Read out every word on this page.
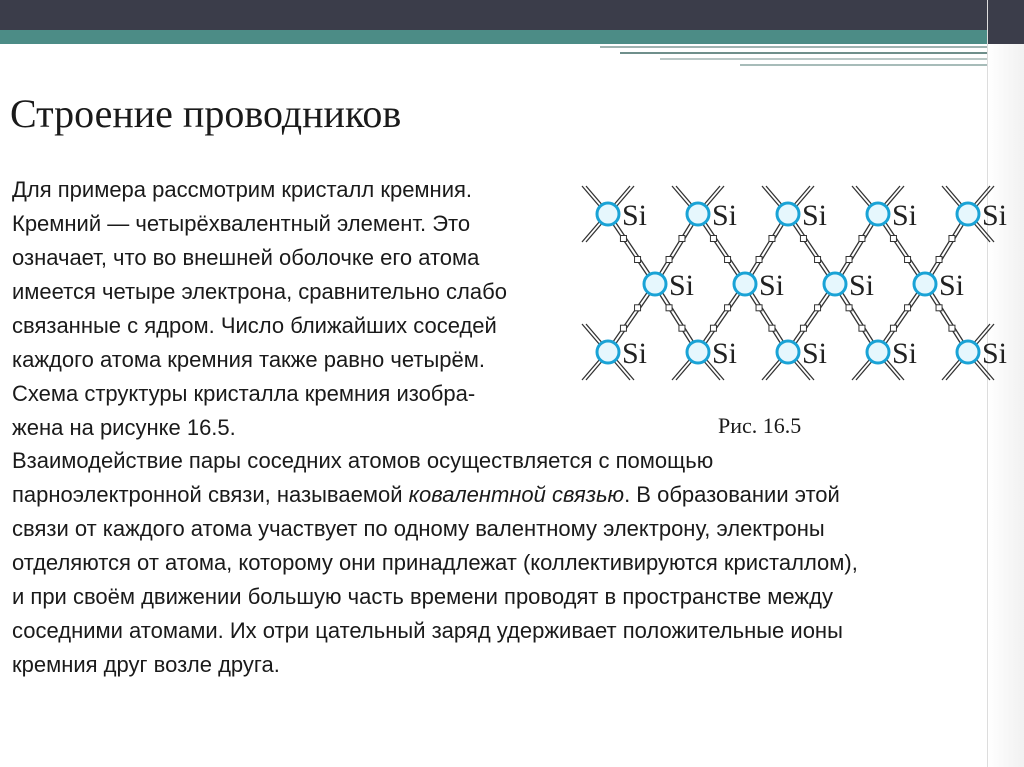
Строение проводников

Для примера рассмотрим кристалл кремния.
Кремний — четырёхвалентный элемент. Это
означает, что во внешней оболочке его атома
имеется четыре электрона, сравнительно слабо
связанные с ядром. Число ближайших соседей
каждого атома кремния также равно четырём.
Схема структуры кристалла кремния изобра-
жена на рисунке 16.5.

Si Si Si Si Si
Si Si Si Si
Si Si Si Si Si
Рис. 16.5

Взаимодействие пары соседних атомов осуществляется с помощью
парноэлектронной связи, называемой ковалентной связью. В образовании этой
связи от каждого атома участвует по одному валентному электрону, электроны
отделяются от атома, которому они принадлежат (коллективируются кристаллом),
и при своём движении большую часть времени проводят в пространстве между
соседними атомами. Их отри цательный заряд удерживает положительные ионы
кремния друг возле друга.
